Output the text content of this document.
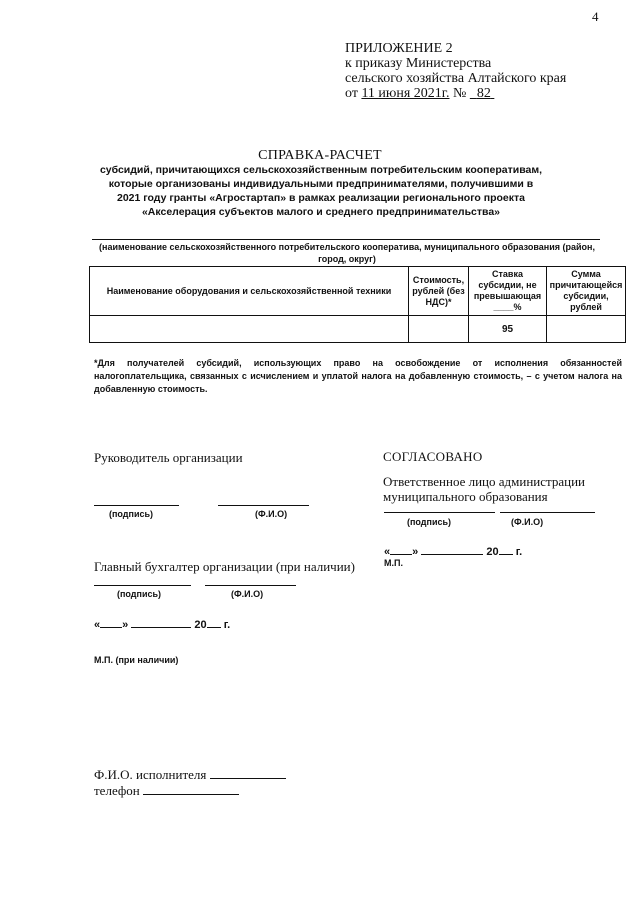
4
ПРИЛОЖЕНИЕ 2
к приказу Министерства
сельского хозяйства Алтайского края
от 11 июня 2021г. № 82
СПРАВКА-РАСЧЕТ
субсидий, причитающихся сельскохозяйственным потребительским кооперативам, которые организованы индивидуальными предпринимателями, получившими в 2021 году гранты «Агростартап» в рамках реализации регионального проекта «Акселерация субъектов малого и среднего предпринимательства»
(наименование сельскохозяйственного потребительского кооператива, муниципального образования (район, город, округ)
Наименование оборудования и сельскохозяйственной техники	Стоимость, рублей (без НДС)*	Ставка субсидии, не превышающая ____%	Сумма причитающейся субсидии, рублей
		95	
*Для получателей субсидий, использующих право на освобождение от исполнения обязанностей налогоплательщика, связанных с исчислением и уплатой налога на добавленную стоимость, – с учетом налога на добавленную стоимость.
Руководитель организации
(подпись)	(Ф.И.О)
СОГЛАСОВАНО
Ответственное лицо администрации муниципального образования
(подпись)	(Ф.И.О)
« »	20 г.
М.П.
Главный бухгалтер организации (при наличии)
(подпись)	(Ф.И.О)
« »	20 г.
М.П. (при наличии)
Ф.И.О. исполнителя
телефон
